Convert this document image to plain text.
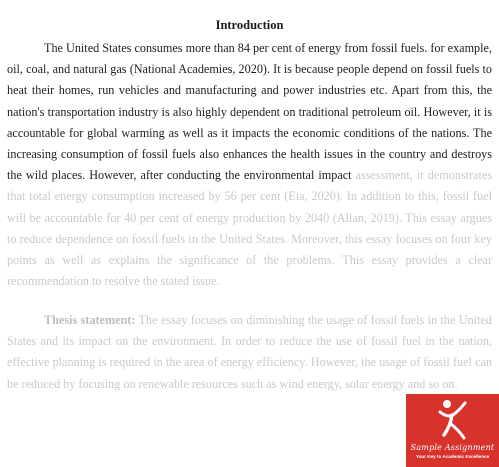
Introduction

The United States consumes more than 84 per cent of energy from fossil fuels. for example, oil, coal, and natural gas (National Academies, 2020). It is because people depend on fossil fuels to heat their homes, run vehicles and manufacturing and power industries etc. Apart from this, the nation's transportation industry is also highly dependent on traditional petroleum oil. However, it is accountable for global warming as well as it impacts the economic conditions of the nations. The increasing consumption of fossil fuels also enhances the health issues in the country and destroys the wild places. However, after conducting the environmental impact assessment, it demonstrates that total energy consumption increased by 56 per cent (Eia, 2020). In addition to this, fossil fuel will be accountable for 40 per cent of energy production by 2040 (Allan, 2019). This essay argues to reduce dependence on fossil fuels in the United States. Moreover, this essay focuses on four key points as well as explains the significance of the problems. This essay provides a clear recommendation to resolve the stated issue.

Thesis statement: The essay focuses on diminishing the usage of fossil fuels in the United States and its impact on the environment. In order to reduce the use of fossil fuel in the nation, effective planning is required in the area of energy efficiency. However, the usage of fossil fuel can be reduced by focusing on renewable resources such as wind energy, solar energy and so on.

Sample Assignment
Your Key to Academic Excellence
